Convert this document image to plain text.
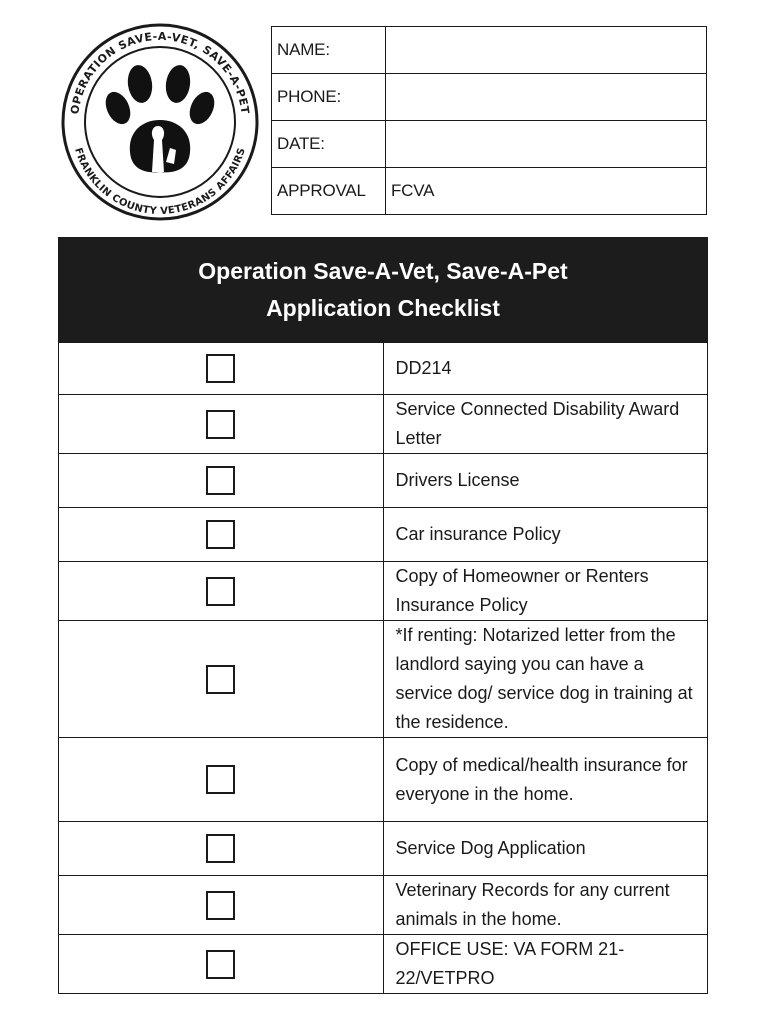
OPERATION SAVE-A-VET, SAVE-A-PET
FRANKLIN COUNTY VETERANS AFFAIRS
NAME:	
PHONE:	
DATE:	
APPROVAL	FCVA
Operation Save-A-Vet, Save-A-Pet
Application Checklist	
	DD214
	Service Connected Disability Award Letter
	Drivers License
	Car insurance Policy
	Copy of Homeowner or Renters Insurance Policy
	*If renting: Notarized letter from the landlord saying you can have a service dog/ service dog in training at the residence.
	Copy of medical/health insurance for everyone in the home.
	Service Dog Application
	Veterinary Records for any current animals in the home.
	OFFICE USE: VA FORM 21-22/VETPRO
